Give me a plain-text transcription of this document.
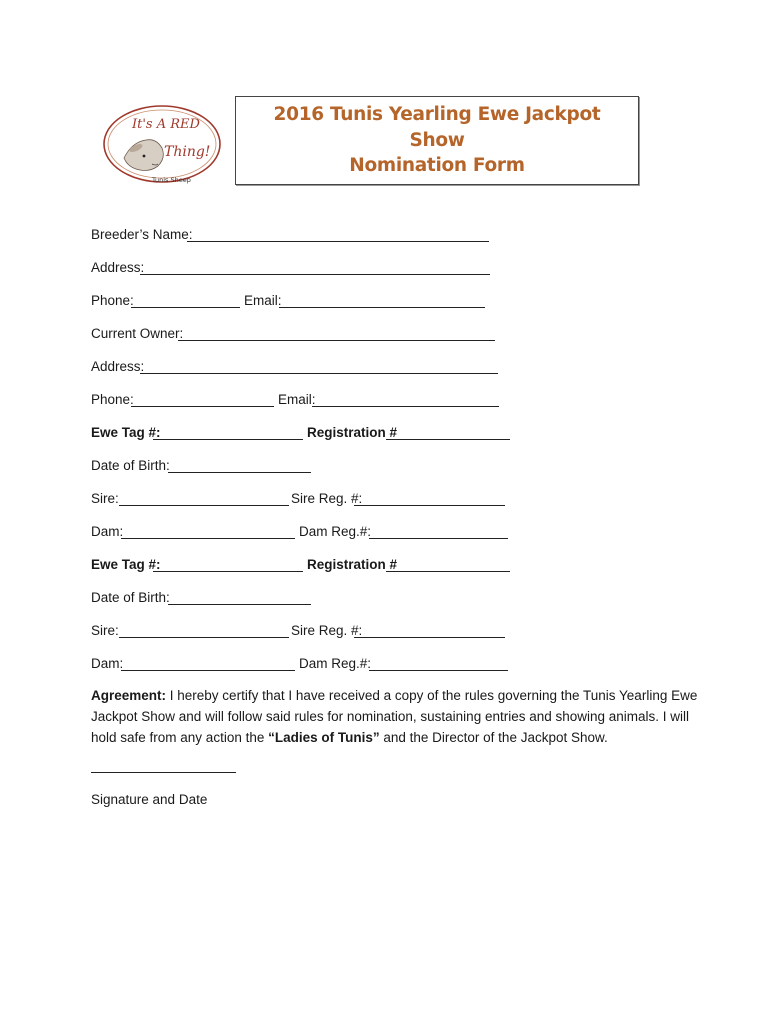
It's A RED
Thing!
Tunis Sheep
2016 Tunis Yearling Ewe Jackpot
Show
Nomination Form
Breeder’s Name:
Address:
Phone:	Email:
Current Owner:
Address:
Phone:	Email:
Ewe Tag #:	Registration #
Date of Birth:
Sire:	Sire Reg. #:
Dam:	Dam Reg.#:
Ewe Tag #:	Registration #
Date of Birth:
Sire:	Sire Reg. #:
Dam:	Dam Reg.#:

Agreement: I hereby certify that I have received a copy of the rules governing the Tunis Yearling Ewe

Jackpot Show and will follow said rules for nomination, sustaining entries and showing animals. I will

hold safe from any action the “Ladies of Tunis” and the Director of the Jackpot Show.

Signature and Date
